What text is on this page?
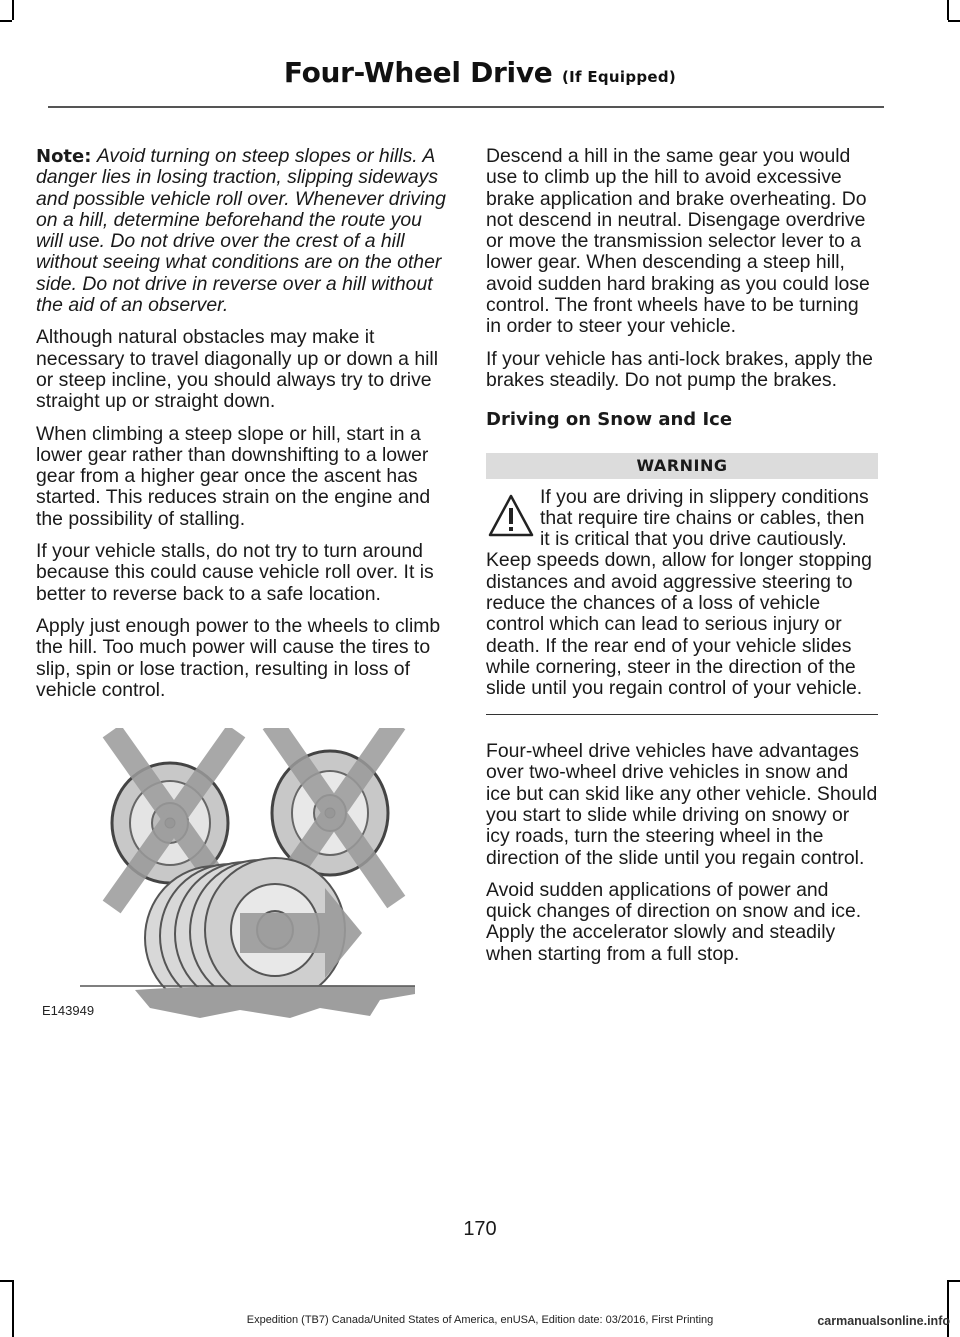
Four-Wheel Drive (If Equipped)

Note: Avoid turning on steep slopes or hills. A danger lies in losing traction, slipping sideways and possible vehicle roll over. Whenever driving on a hill, determine beforehand the route you will use. Do not drive over the crest of a hill without seeing what conditions are on the other side. Do not drive in reverse over a hill without the aid of an observer.

Although natural obstacles may make it necessary to travel diagonally up or down a hill or steep incline, you should always try to drive straight up or straight down.

When climbing a steep slope or hill, start in a lower gear rather than downshifting to a lower gear from a higher gear once the ascent has started. This reduces strain on the engine and the possibility of stalling.

If your vehicle stalls, do not try to turn around because this could cause vehicle roll over. It is better to reverse back to a safe location.

Apply just enough power to the wheels to climb the hill. Too much power will cause the tires to slip, spin or lose traction, resulting in loss of vehicle control.

E143949

Descend a hill in the same gear you would use to climb up the hill to avoid excessive brake application and brake overheating. Do not descend in neutral. Disengage overdrive or move the transmission selector lever to a lower gear. When descending a steep hill, avoid sudden hard braking as you could lose control. The front wheels have to be turning in order to steer your vehicle.

If your vehicle has anti-lock brakes, apply the brakes steadily. Do not pump the brakes.

Driving on Snow and Ice
WARNING

If you are driving in slippery conditions that require tire chains or cables, then it is critical that you drive cautiously. Keep speeds down, allow for longer stopping distances and avoid aggressive steering to reduce the chances of a loss of vehicle control which can lead to serious injury or death. If the rear end of your vehicle slides while cornering, steer in the direction of the slide until you regain control of your vehicle.

Four-wheel drive vehicles have advantages over two-wheel drive vehicles in snow and ice but can skid like any other vehicle. Should you start to slide while driving on snowy or icy roads, turn the steering wheel in the direction of the slide until you regain control.

Avoid sudden applications of power and quick changes of direction on snow and ice. Apply the accelerator slowly and steadily when starting from a full stop.

170
Expedition (TB7) Canada/United States of America, enUSA, Edition date: 03/2016, First Printing	carmanualsonline.info
